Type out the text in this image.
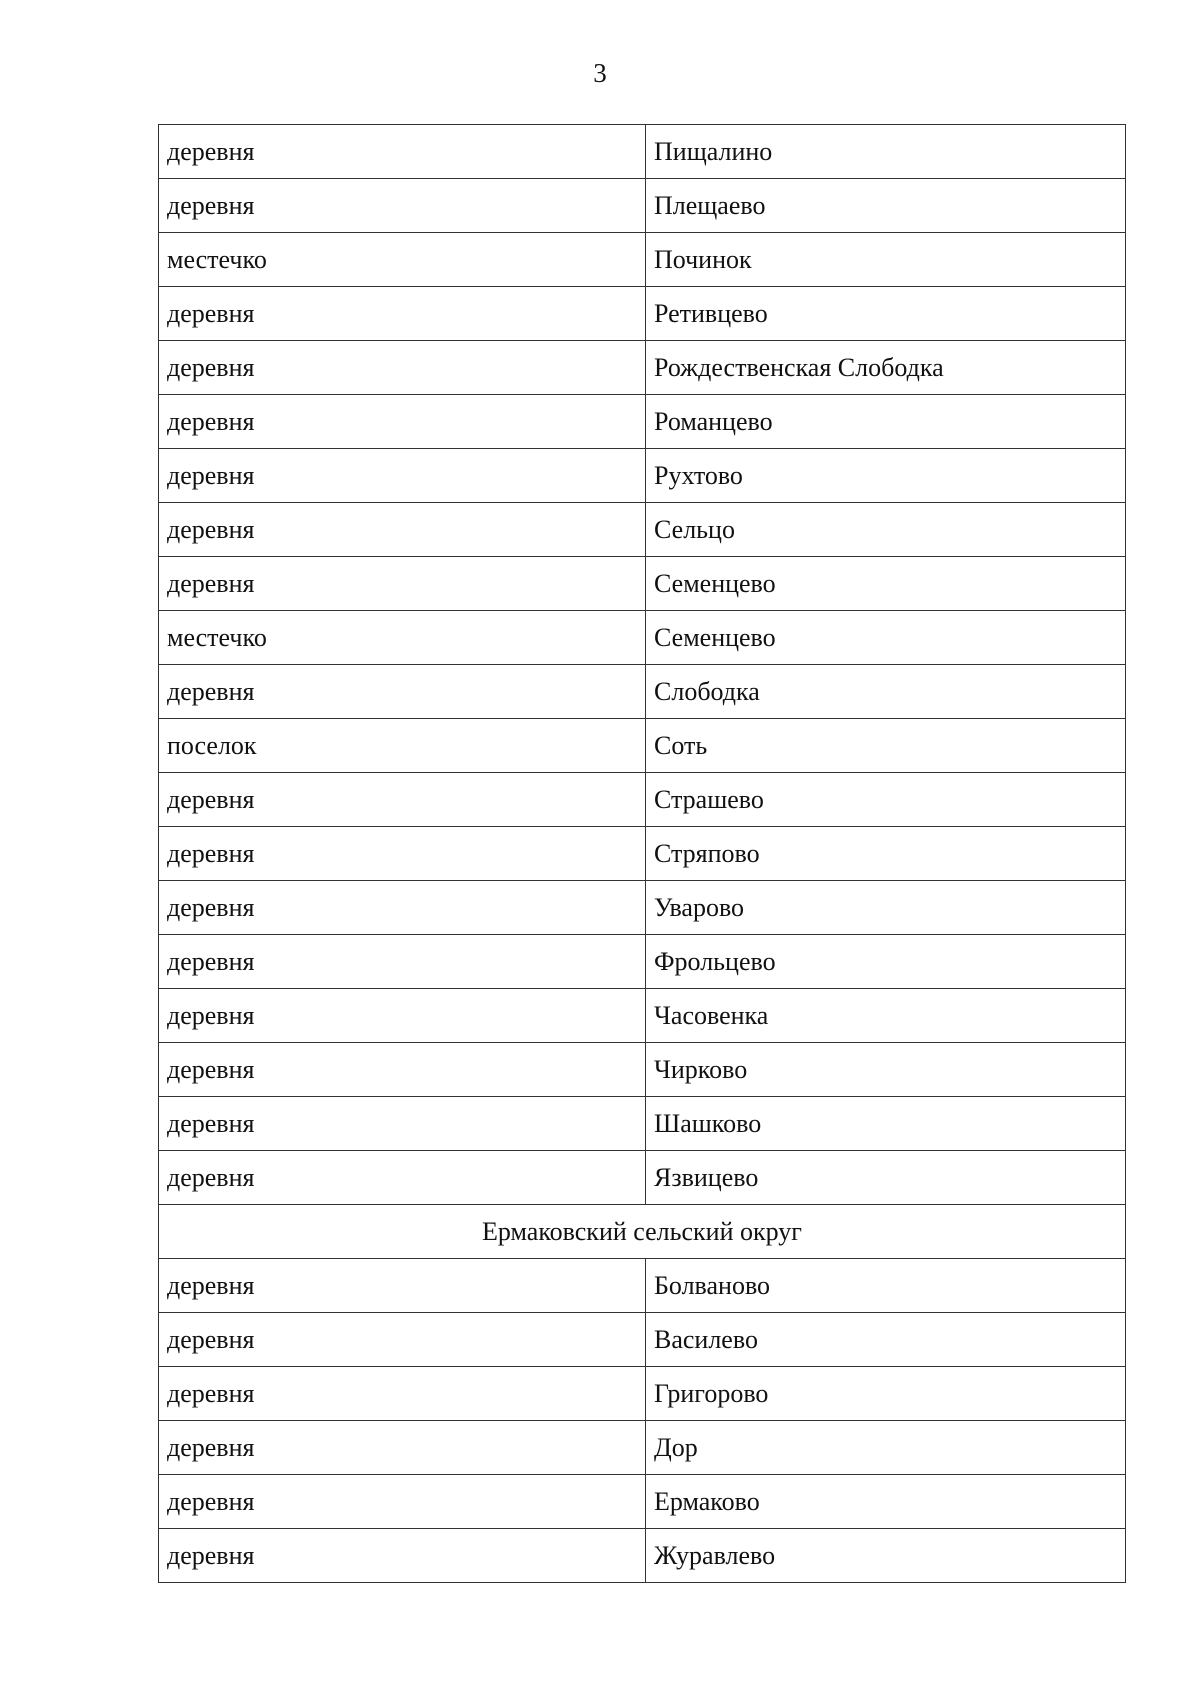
3
деревня	Пищалино
деревня	Плещаево
местечко	Починок
деревня	Ретивцево
деревня	Рождественская Слободка
деревня	Романцево
деревня	Рухтово
деревня	Сельцо
деревня	Семенцево
местечко	Семенцево
деревня	Слободка
поселок	Соть
деревня	Страшево
деревня	Стряпово
деревня	Уварово
деревня	Фрольцево
деревня	Часовенка
деревня	Чирково
деревня	Шашково
деревня	Язвицево
Ермаковский сельский округ	
деревня	Болваново
деревня	Василево
деревня	Григорово
деревня	Дор
деревня	Ермаково
деревня	Журавлево
